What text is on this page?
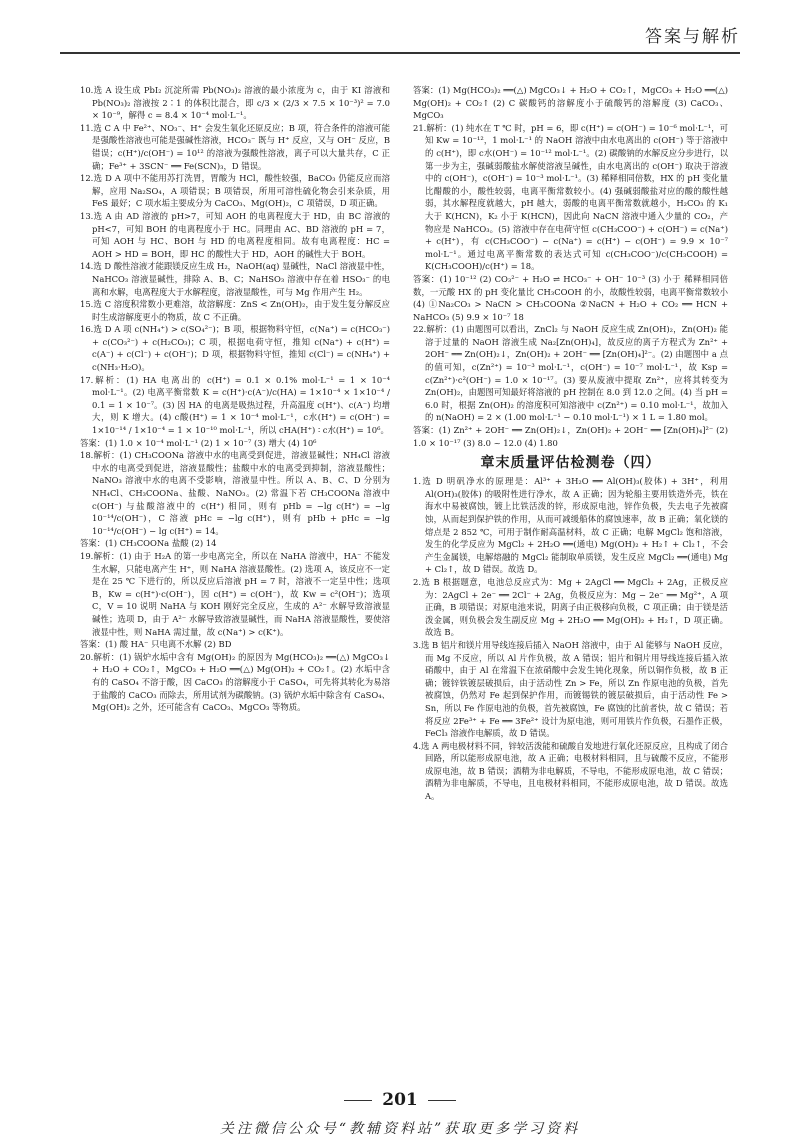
答案与解析

10.选 A 设生成 PbI₂ 沉淀所需 Pb(NO₃)₂ 溶液的最小浓度为 c，由于 KI 溶液和 Pb(NO₃)₂ 溶液按 2∶1 的体积比混合，即 c/3 × (2/3 × 7.5 × 10⁻³)² = 7.0 × 10⁻⁹，解得 c = 8.4 × 10⁻⁴ mol·L⁻¹。

11.选 C A 中 Fe²⁺、NO₃⁻、H⁺ 会发生氧化还原反应；B 项，符合条件的溶液可能是强酸性溶液也可能是强碱性溶液，HCO₃⁻ 既与 H⁺ 反应，又与 OH⁻ 反应，B 错误；c(H⁺)/c(OH⁻) = 10¹² 的溶液为强酸性溶液，离子可以大量共存，C 正确；Fe³⁺ + 3SCN⁻ ══ Fe(SCN)₃，D 错误。

12.选 D A 项中不能用苏打洗胃，胃酸为 HCl，酸性较强，BaCO₃ 仍能反应而溶解，应用 Na₂SO₄，A 项错误；B 项错误，所用可溶性硫化物会引来杂质，用 FeS 最好；C 项水垢主要成分为 CaCO₃、Mg(OH)₂，C 项错误，D 项正确。

13.选 A 由 AD 溶液的 pH>7，可知 AOH 的电离程度大于 HD，由 BC 溶液的 pH<7，可知 BOH 的电离程度小于 HC。同理由 AC、BD 溶液的 pH = 7，可知 AOH 与 HC、BOH 与 HD 的电离程度相同。故有电离程度：HC = AOH > HD = BOH，即 HC 的酸性大于 HD，AOH 的碱性大于 BOH。

14.选 D 酸性溶液才能跟镁反应生成 H₂，NaOH(aq) 显碱性，NaCl 溶液显中性，NaHCO₃ 溶液显碱性，排除 A、B、C；NaHSO₃ 溶液中存在着 HSO₃⁻ 的电离和水解，电离程度大于水解程度，溶液显酸性，可与 Mg 作用产生 H₂。

15.选 C 溶度积常数小更难溶，故溶解度：ZnS < Zn(OH)₂，由于发生复分解反应时生成溶解度更小的物质，故 C 不正确。

16.选 D A 项 c(NH₄⁺) > c(SO₄²⁻)；B 项，根据物料守恒，c(Na⁺) = c(HCO₃⁻) + c(CO₃²⁻) + c(H₂CO₃)；C 项，根据电荷守恒，推知 c(Na⁺) + c(H⁺) = c(A⁻) + c(Cl⁻) + c(OH⁻)；D 项，根据物料守恒，推知 c(Cl⁻) = c(NH₄⁺) + c(NH₃·H₂O)。

17.解析：(1) HA 电离出的 c(H⁺) = 0.1 × 0.1% mol·L⁻¹ = 1 × 10⁻⁴ mol·L⁻¹。(2) 电离平衡常数 K = c(H⁺)·c(A⁻)/c(HA) = 1×10⁻⁴ × 1×10⁻⁴ / 0.1 = 1 × 10⁻⁷。(3) 因 HA 的电离是吸热过程，升高温度 c(H⁺)、c(A⁻) 均增大，则 K 增大。(4) c酸(H⁺) = 1 × 10⁻⁴ mol·L⁻¹，c水(H⁺) = c(OH⁻) = 1×10⁻¹⁴ / 1×10⁻⁴ = 1 × 10⁻¹⁰ mol·L⁻¹，所以 cHA(H⁺) ∶ c水(H⁺) = 10⁶。

答案：(1) 1.0 × 10⁻⁴ mol·L⁻¹ (2) 1 × 10⁻⁷ (3) 增大 (4) 10⁶

18.解析：(1) CH₃COONa 溶液中水的电离受到促进，溶液显碱性；NH₄Cl 溶液中水的电离受到促进，溶液显酸性；盐酸中水的电离受到抑制，溶液显酸性；NaNO₃ 溶液中水的电离不受影响，溶液显中性。所以 A、B、C、D 分别为 NH₄Cl、CH₃COONa、盐酸、NaNO₃。(2) 常温下若 CH₃COONa 溶液中 c(OH⁻) 与盐酸溶液中的 c(H⁺) 相同，则有 pHb = −lg c(H⁺) = −lg 10⁻¹⁴/c(OH⁻)，C 溶液 pHc = −lg c(H⁺)，则有 pHb + pHc = −lg 10⁻¹⁴/c(OH⁻) − lg c(H⁺) = 14。

答案：(1) CH₃COONa 盐酸 (2) 14

19.解析：(1) 由于 H₂A 的第一步电离完全，所以在 NaHA 溶液中，HA⁻ 不能发生水解，只能电离产生 H⁺，则 NaHA 溶液显酸性。(2) 选项 A，该反应不一定是在 25 ℃ 下进行的，所以反应后溶液 pH = 7 时，溶液不一定呈中性；选项 B，Kw = c(H⁺)·c(OH⁻)，因 c(H⁺) = c(OH⁻)，故 Kw = c²(OH⁻)；选项 C，V = 10 说明 NaHA 与 KOH 刚好完全反应，生成的 A²⁻ 水解导致溶液显碱性；选项 D，由于 A²⁻ 水解导致溶液显碱性，而 NaHA 溶液显酸性，要使溶液显中性，则 NaHA 需过量，故 c(Na⁺) > c(K⁺)。

答案：(1) 酸 HA⁻ 只电离不水解 (2) BD

20.解析：(1) 锅炉水垢中含有 Mg(OH)₂ 的原因为 Mg(HCO₃)₂ ══(△) MgCO₃↓ + H₂O + CO₂↑，MgCO₃ + H₂O ══(△) Mg(OH)₂ + CO₂↑。(2) 水垢中含有的 CaSO₄ 不溶于酸，因 CaCO₃ 的溶解度小于 CaSO₄，可先将其转化为易溶于盐酸的 CaCO₃ 而除去，所用试剂为碳酸钠。(3) 锅炉水垢中除含有 CaSO₄、Mg(OH)₂ 之外，还可能含有 CaCO₃、MgCO₃ 等物质。

答案：(1) Mg(HCO₃)₂ ══(△) MgCO₃↓ + H₂O + CO₂↑，MgCO₃ + H₂O ══(△) Mg(OH)₂ + CO₂↑ (2) C 碳酸钙的溶解度小于硫酸钙的溶解度 (3) CaCO₃、MgCO₃

21.解析：(1) 纯水在 T ℃ 时，pH = 6，即 c(H⁺) = c(OH⁻) = 10⁻⁶ mol·L⁻¹，可知 Kw = 10⁻¹²，1 mol·L⁻¹ 的 NaOH 溶液中由水电离出的 c(OH⁻) 等于溶液中的 c(H⁺)，即 c水(OH⁻) = 10⁻¹² mol·L⁻¹。(2) 碳酸钠的水解反应分步进行，以第一步为主，强碱弱酸盐水解使溶液呈碱性，由水电离出的 c(OH⁻) 取决于溶液中的 c(OH⁻)，c(OH⁻) = 10⁻³ mol·L⁻¹。(3) 稀释相同倍数，HX 的 pH 变化量比醋酸的小，酸性较弱，电离平衡常数较小。(4) 强碱弱酸盐对应的酸的酸性越弱，其水解程度就越大，pH 越大，弱酸的电离平衡常数就越小，H₂CO₃ 的 K₁ 大于 K(HCN)，K₂ 小于 K(HCN)，因此向 NaCN 溶液中通入少量的 CO₂，产物应是 NaHCO₃。(5) 溶液中存在电荷守恒 c(CH₃COO⁻) + c(OH⁻) = c(Na⁺) + c(H⁺)，有 c(CH₃COO⁻) − c(Na⁺) = c(H⁺) − c(OH⁻) = 9.9 × 10⁻⁷ mol·L⁻¹。通过电离平衡常数的表达式可知 c(CH₃COO⁻)/c(CH₃COOH) = K(CH₃COOH)/c(H⁺) = 18。

答案：(1) 10⁻¹² (2) CO₃²⁻ + H₂O ⇌ HCO₃⁻ + OH⁻ 10⁻³ (3) 小于 稀释相同倍数，一元酸 HX 的 pH 变化量比 CH₃COOH 的小，故酸性较弱，电离平衡常数较小 (4) ①Na₂CO₃ > NaCN > CH₃COONa ②NaCN + H₂O + CO₂ ══ HCN + NaHCO₃ (5) 9.9 × 10⁻⁷ 18

22.解析：(1) 由题图可以看出，ZnCl₂ 与 NaOH 反应生成 Zn(OH)₂，Zn(OH)₂ 能溶于过量的 NaOH 溶液生成 Na₂[Zn(OH)₄]，故反应的离子方程式为 Zn²⁺ + 2OH⁻ ══ Zn(OH)₂↓，Zn(OH)₂ + 2OH⁻ ══ [Zn(OH)₄]²⁻。(2) 由题图中 a 点的值可知，c(Zn²⁺) = 10⁻³ mol·L⁻¹，c(OH⁻) = 10⁻⁷ mol·L⁻¹，故 Ksp = c(Zn²⁺)·c²(OH⁻) = 1.0 × 10⁻¹⁷。(3) 要从废液中提取 Zn²⁺，应将其转变为 Zn(OH)₂，由题图可知最好将溶液的 pH 控制在 8.0 到 12.0 之间。(4) 当 pH = 6.0 时，根据 Zn(OH)₂ 的溶度积可知溶液中 c(Zn²⁺) = 0.10 mol·L⁻¹，故加入的 n(NaOH) = 2 × (1.00 mol·L⁻¹ − 0.10 mol·L⁻¹) × 1 L = 1.80 mol。

答案：(1) Zn²⁺ + 2OH⁻ ══ Zn(OH)₂↓，Zn(OH)₂ + 2OH⁻ ══ [Zn(OH)₄]²⁻ (2) 1.0 × 10⁻¹⁷ (3) 8.0 ~ 12.0 (4) 1.80

章末质量评估检测卷（四）

1.选 D 明矾净水的原理是：Al³⁺ + 3H₂O ══ Al(OH)₃(胶体) + 3H⁺，利用 Al(OH)₃(胶体) 的吸附性进行净水，故 A 正确；因为轮船主要用铁造外壳，铁在海水中易被腐蚀，镀上比铁活泼的锌，形成原电池，锌作负极，失去电子先被腐蚀，从而起到保护铁的作用，从而可减缓船体的腐蚀速率，故 B 正确；氧化镁的熔点是 2 852 ℃，可用于制作耐高温材料，故 C 正确；电解 MgCl₂ 饱和溶液，发生的化学反应为 MgCl₂ + 2H₂O ══(通电) Mg(OH)₂ + H₂↑ + Cl₂↑，不会产生金属镁，电解熔融的 MgCl₂ 能制取单质镁，发生反应 MgCl₂ ══(通电) Mg + Cl₂↑，故 D 错误。故选 D。

2.选 B 根据题意，电池总反应式为：Mg + 2AgCl ══ MgCl₂ + 2Ag，正极反应为：2AgCl + 2e⁻ ══ 2Cl⁻ + 2Ag，负极反应为：Mg − 2e⁻ ══ Mg²⁺，A 项正确，B 项错误；对原电池来说，阴离子由正极移向负极，C 项正确；由于镁是活泼金属，则负极会发生副反应 Mg + 2H₂O ══ Mg(OH)₂ + H₂↑，D 项正确。故选 B。

3.选 B 铝片和镁片用导线连接后插入 NaOH 溶液中，由于 Al 能够与 NaOH 反应，而 Mg 不反应，所以 Al 片作负极，故 A 错误；铝片和铜片用导线连接后插入浓硝酸中，由于 Al 在常温下在浓硝酸中会发生钝化现象，所以铜作负极，故 B 正确；镀锌铁镀层破损后，由于活动性 Zn > Fe，所以 Zn 作原电池的负极，首先被腐蚀，仍然对 Fe 起到保护作用，而镀锡铁的镀层破损后，由于活动性 Fe > Sn，所以 Fe 作原电池的负极，首先被腐蚀，Fe 腐蚀的比前者快，故 C 错误；若将反应 2Fe³⁺ + Fe ══ 3Fe²⁺ 设计为原电池，则可用铁片作负极，石墨作正极，FeCl₃ 溶液作电解质，故 D 错误。

4.选 A 两电极材料不同，锌较活泼能和硫酸自发地进行氧化还原反应，且构成了闭合回路，所以能形成原电池，故 A 正确；电极材料相同，且与硫酸不反应，不能形成原电池，故 B 错误；酒精为非电解质，不导电，不能形成原电池，故 C 错误；酒精为非电解质，不导电，且电极材料相同，不能形成原电池，故 D 错误。故选 A。

201
关注微信公众号“教辅资料站”获取更多学习资料
